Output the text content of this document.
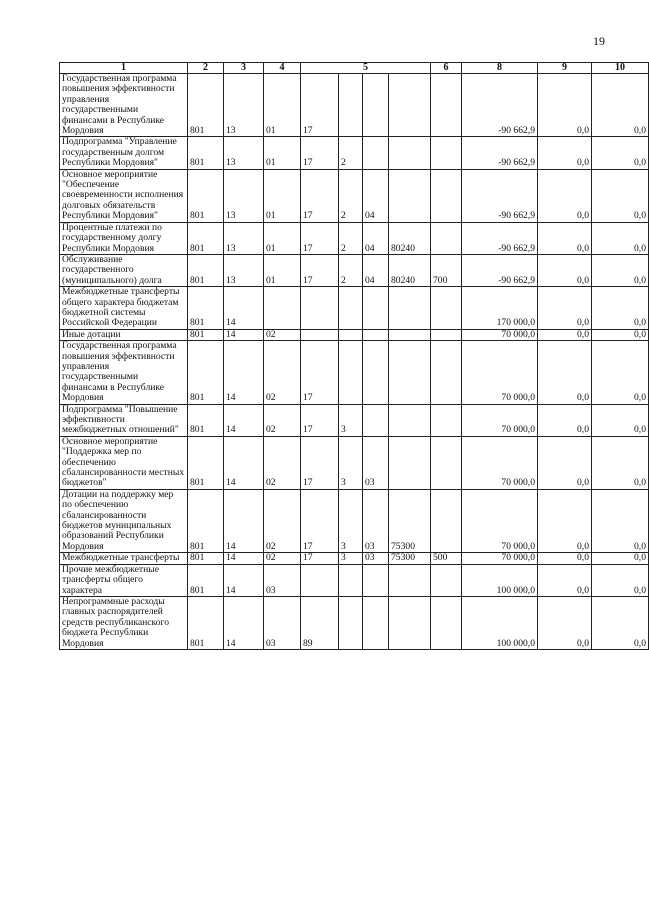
19
1	2	3	4	5				6	8	9	10
Государственная программа повышения эффективности управления государственными финансами в Республике Мордовия	801	13	01	17					-90 662,9	0,0	0,0
Подпрограмма "Управление государственным долгом Республики Мордовия"	801	13	01	17	2				-90 662,9	0,0	0,0
Основное мероприятие "Обеспечение своевременности исполнения долговых обязательств Республики Мордовия"	801	13	01	17	2	04			-90 662,9	0,0	0,0
Процентные платежи по государственному долгу Республики Мордовия	801	13	01	17	2	04	80240		-90 662,9	0,0	0,0
Обслуживание государственного (муниципального) долга	801	13	01	17	2	04	80240	700	-90 662,9	0,0	0,0
Межбюджетные трансферты общего характера бюджетам бюджетной системы Российской Федерации	801	14							170 000,0	0,0	0,0
Иные дотации	801	14	02						70 000,0	0,0	0,0
Государственная программа повышения эффективности управления государственными финансами в Республике Мордовия	801	14	02	17					70 000,0	0,0	0,0
Подпрограмма "Повышение эффективности межбюджетных отношений"	801	14	02	17	3				70 000,0	0,0	0,0
Основное мероприятие "Поддержка мер по обеспечению сбалансированности местных бюджетов"	801	14	02	17	3	03			70 000,0	0,0	0,0
Дотации на поддержку мер по обеспечению сбалансированности бюджетов муниципальных образований Республики Мордовия	801	14	02	17	3	03	75300		70 000,0	0,0	0,0
Межбюджетные трансферты	801	14	02	17	3	03	75300	500	70 000,0	0,0	0,0
Прочие межбюджетные трансферты общего характера	801	14	03						100 000,0	0,0	0,0
Непрограммные расходы главных распорядителей средств республиканского бюджета Республики Мордовия	801	14	03	89					100 000,0	0,0	0,0
